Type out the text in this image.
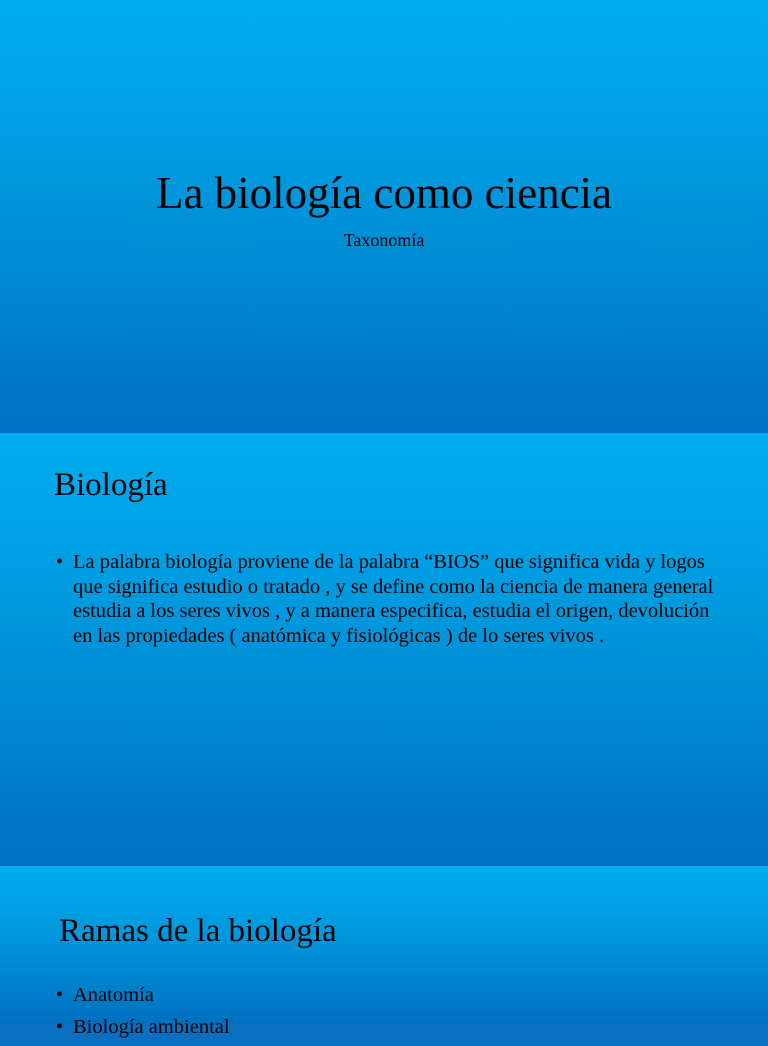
La biología como ciencia
Taxonomía
Biología
• La palabra biología proviene de la palabra “BIOS” que significa vida y logos que significa estudio o tratado , y se define como la ciencia de manera general estudia a los seres vivos , y a manera especifica, estudia el origen, devolución en las propiedades ( anatómica y fisiológicas ) de lo seres vivos .
Ramas de la biología
• Anatomía
• Biología ambiental
